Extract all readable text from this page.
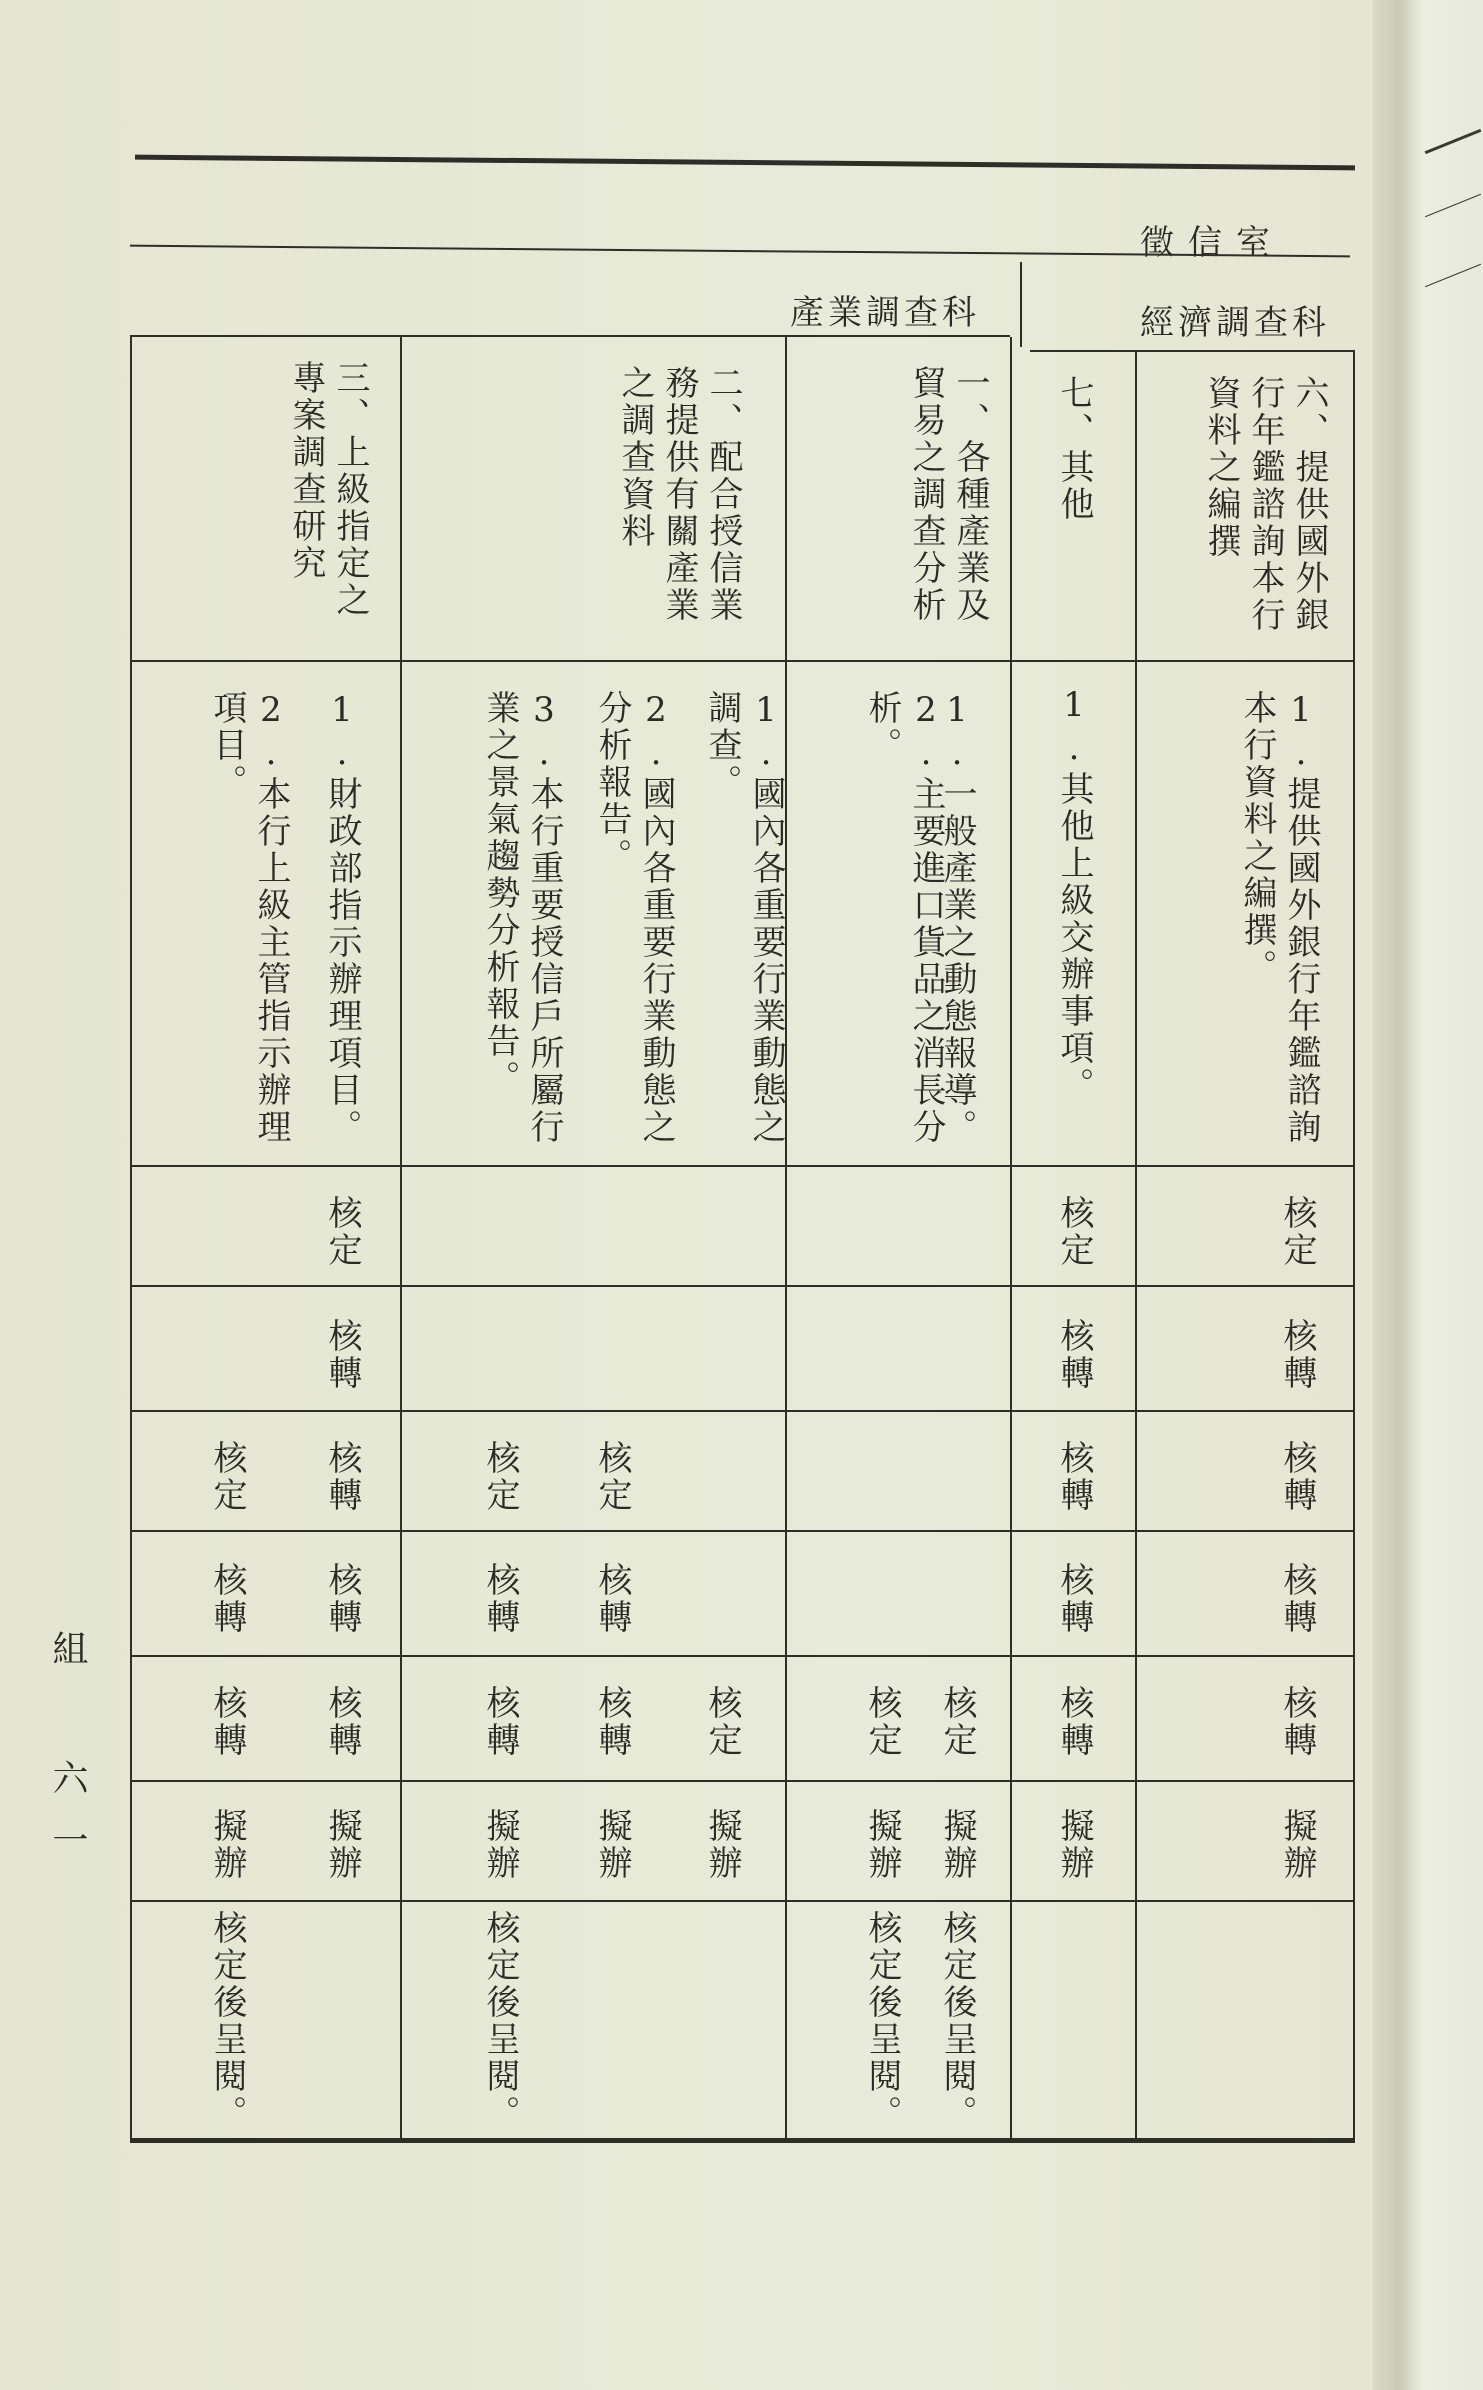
徵信室
產業調查科	經濟調查科
六、提供國外銀行年鑑諮詢本行資料之編撰
1.提供國外銀行年鑑諮詢本行資料之編撰。
核定
核轉
核轉
核轉
核轉
擬辦
七、其他
1.其他上級交辦事項。
核定
核轉
核轉
核轉
核轉
擬辦
一、各種產業及貿易之調查分析
1.一般產業之動態報導。
2.主要進口貨品之消長分析。
核定
核定
擬辦
擬辦
核定後呈閱。
核定後呈閱。
二、配合授信業務提供有關產業之調查資料
1.國內各重要行業動態之調查。
2.國內各重要行業動態之分析報告。
3.本行重要授信戶所屬行業之景氣趨勢分析報告。
核定
核定
核轉
核轉
核定
核轉
核轉
擬辦
擬辦
擬辦
核定後呈閱。
三、上級指定之專案調查研究
1.財政部指示辦理項目。
2.本行上級主管指示辦理項目。
核定
核轉
核轉
核定
核轉
核轉
核轉
核轉
擬辦
擬辦
核定後呈閱。
組 六一
